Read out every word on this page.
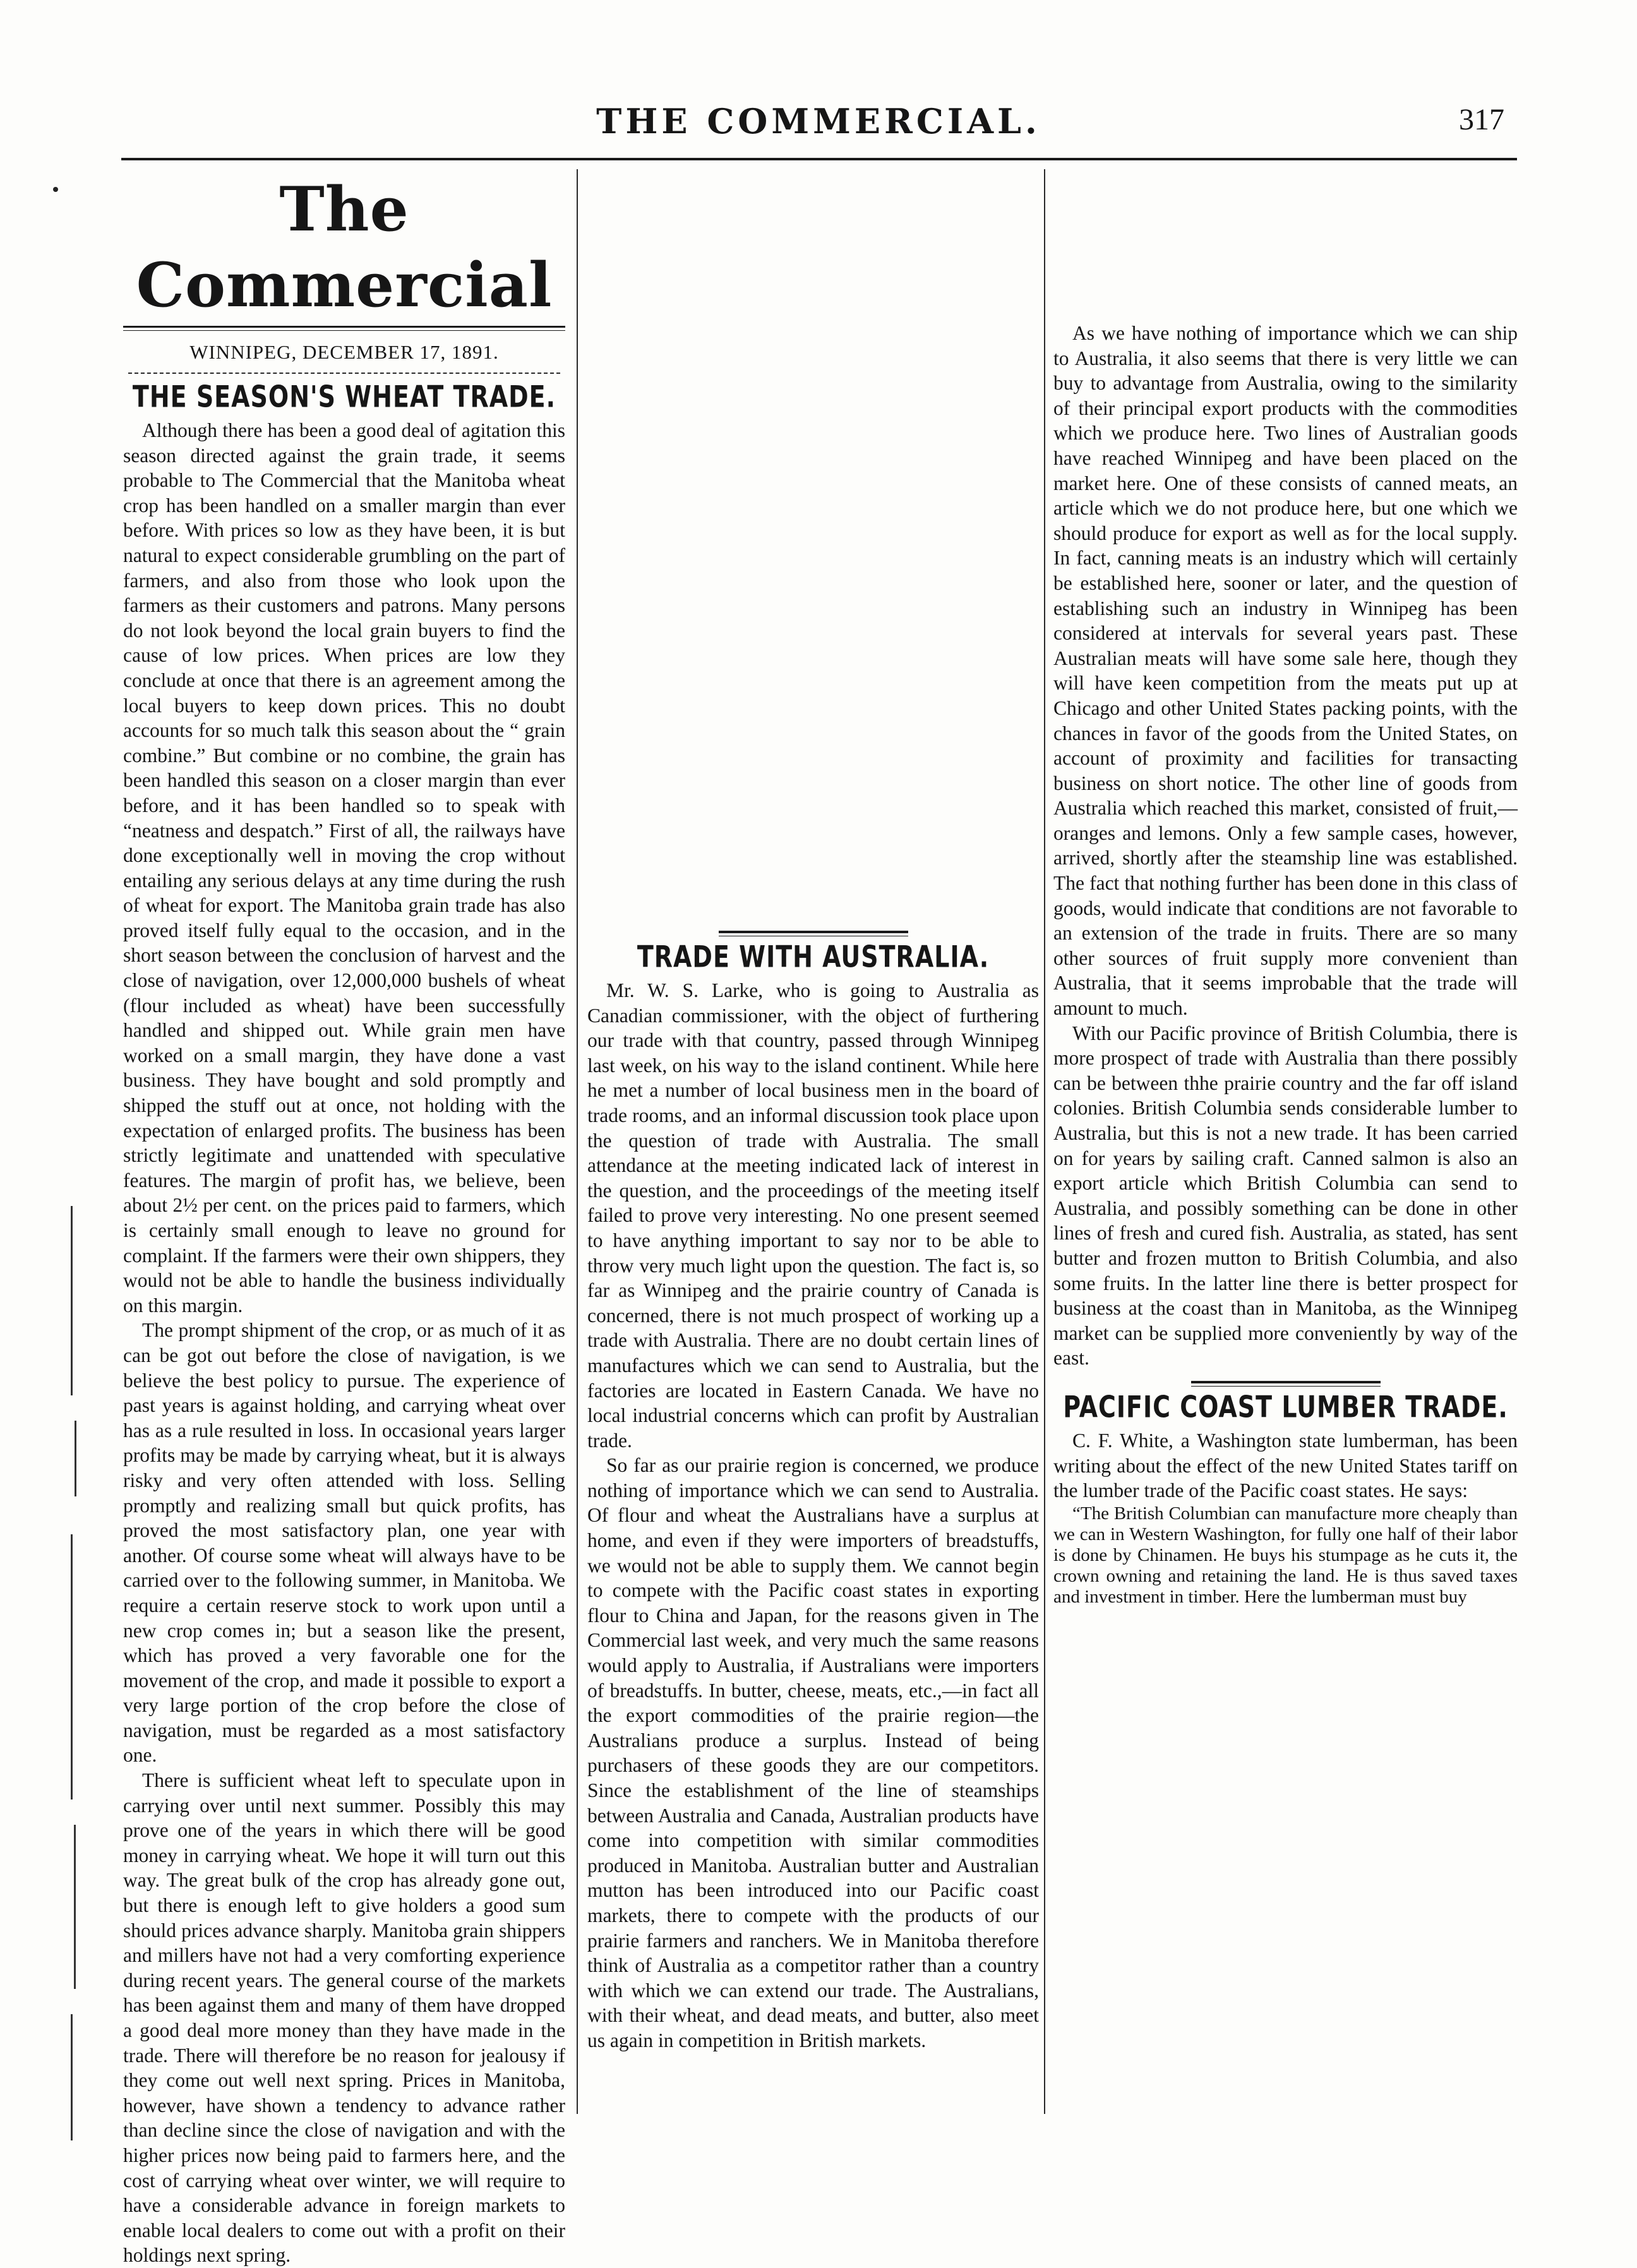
THE COMMERCIAL.	317
The Commercial
WINNIPEG, DECEMBER 17, 1891.
THE SEASON'S WHEAT TRADE.

Although there has been a good deal of agitation this season directed against the grain trade, it seems probable to The Commercial that the Manitoba wheat crop has been handled on a smaller margin than ever before. With prices so low as they have been, it is but natural to expect considerable grumbling on the part of farmers, and also from those who look upon the farmers as their customers and patrons. Many persons do not look beyond the local grain buyers to find the cause of low prices. When prices are low they conclude at once that there is an agreement among the local buyers to keep down prices. This no doubt accounts for so much talk this season about the “ grain combine.” But combine or no combine, the grain has been handled this season on a closer margin than ever before, and it has been handled so to speak with “neatness and despatch.” First of all, the railways have done exceptionally well in moving the crop without entailing any serious delays at any time during the rush of wheat for export. The Manitoba grain trade has also proved itself fully equal to the occasion, and in the short season between the conclusion of harvest and the close of navigation, over 12,000,000 bushels of wheat (flour included as wheat) have been successfully handled and shipped out. While grain men have worked on a small margin, they have done a vast business. They have bought and sold promptly and shipped the stuff out at once, not holding with the expectation of enlarged profits. The business has been strictly legitimate and unattended with speculative features. The margin of profit has, we believe, been about 2½ per cent. on the prices paid to farmers, which is certainly small enough to leave no ground for complaint. If the farmers were their own shippers, they would not be able to handle the business individually on this margin.

The prompt shipment of the crop, or as much of it as can be got out before the close of navigation, is we believe the best policy to pursue. The experience of past years is against holding, and carrying wheat over has as a rule resulted in loss. In occasional years larger profits may be made by carrying wheat, but it is always risky and very often attended with loss. Selling promptly and realizing small but quick profits, has proved the most satisfactory plan, one year with another. Of course some wheat will always have to be carried over to the following summer, in Manitoba. We require a certain reserve stock to work upon until a new crop comes in; but a season like the present, which has proved a very favorable one for the movement of the crop, and made it possible to export a very large portion of the crop before the close of navigation, must be regarded as a most satisfactory one.

There is sufficient wheat left to speculate upon in carrying over until next summer. Possibly this may prove one of the years in which there will be good money in carrying wheat. We hope it will turn out this way. The great bulk of the crop has already gone out, but there is enough left to give holders a good sum should prices advance sharply. Manitoba grain shippers and millers have not had a very comforting experience during recent years. The general course of the markets has been against them and many of them have dropped a good deal more money than they have made in the trade. There will therefore be no reason for jealousy if they come out well next spring. Prices in Manitoba, however, have shown a tendency to advance rather than decline since the close of navigation and with the higher prices now being paid to farmers here, and the cost of carrying wheat over winter, we will require to have a considerable advance in foreign markets to enable local dealers to come out with a profit on their holdings next spring.

TRADE WITH AUSTRALIA.

Mr. W. S. Larke, who is going to Australia as Canadian commissioner, with the object of furthering our trade with that country, passed through Winnipeg last week, on his way to the island continent. While here he met a number of local business men in the board of trade rooms, and an informal discussion took place upon the question of trade with Australia. The small attendance at the meeting indicated lack of interest in the question, and the proceedings of the meeting itself failed to prove very interesting. No one present seemed to have anything important to say nor to be able to throw very much light upon the question. The fact is, so far as Winnipeg and the prairie country of Canada is concerned, there is not much prospect of working up a trade with Australia. There are no doubt certain lines of manufactures which we can send to Australia, but the factories are located in Eastern Canada. We have no local industrial concerns which can profit by Australian trade.

So far as our prairie region is concerned, we produce nothing of importance which we can send to Australia. Of flour and wheat the Australians have a surplus at home, and even if they were importers of breadstuffs, we would not be able to supply them. We cannot begin to compete with the Pacific coast states in exporting flour to China and Japan, for the reasons given in The Commercial last week, and very much the same reasons would apply to Australia, if Australians were importers of breadstuffs. In butter, cheese, meats, etc.,—in fact all the export commodities of the prairie region—the Australians produce a surplus. Instead of being purchasers of these goods they are our competitors. Since the establishment of the line of steamships between Australia and Canada, Australian products have come into competition with similar commodities produced in Manitoba. Australian butter and Australian mutton has been introduced into our Pacific coast markets, there to compete with the products of our prairie farmers and ranchers. We in Manitoba therefore think of Australia as a competitor rather than a country with which we can extend our trade. The Australians, with their wheat, and dead meats, and butter, also meet us again in competition in British markets.

As we have nothing of importance which we can ship to Australia, it also seems that there is very little we can buy to advantage from Australia, owing to the similarity of their principal export products with the commodities which we produce here. Two lines of Australian goods have reached Winnipeg and have been placed on the market here. One of these consists of canned meats, an article which we do not produce here, but one which we should produce for export as well as for the local supply. In fact, canning meats is an industry which will certainly be established here, sooner or later, and the question of establishing such an industry in Winnipeg has been considered at intervals for several years past. These Australian meats will have some sale here, though they will have keen competition from the meats put up at Chicago and other United States packing points, with the chances in favor of the goods from the United States, on account of proximity and facilities for transacting business on short notice. The other line of goods from Australia which reached this market, consisted of fruit,—oranges and lemons. Only a few sample cases, however, arrived, shortly after the steamship line was established. The fact that nothing further has been done in this class of goods, would indicate that conditions are not favorable to an extension of the trade in fruits. There are so many other sources of fruit supply more convenient than Australia, that it seems improbable that the trade will amount to much.

With our Pacific province of British Columbia, there is more prospect of trade with Australia than there possibly can be between thhe prairie country and the far off island colonies. British Columbia sends considerable lumber to Australia, but this is not a new trade. It has been carried on for years by sailing craft. Canned salmon is also an export article which British Columbia can send to Australia, and possibly something can be done in other lines of fresh and cured fish. Australia, as stated, has sent butter and frozen mutton to British Columbia, and also some fruits. In the latter line there is better prospect for business at the coast than in Manitoba, as the Winnipeg market can be supplied more conveniently by way of the east.

PACIFIC COAST LUMBER TRADE.

C. F. White, a Washington state lumberman, has been writing about the effect of the new United States tariff on the lumber trade of the Pacific coast states. He says:

“The British Columbian can manufacture more cheaply than we can in Western Washington, for fully one half of their labor is done by Chinamen. He buys his stumpage as he cuts it, the crown owning and retaining the land. He is thus saved taxes and investment in timber. Here the lumberman must buy
